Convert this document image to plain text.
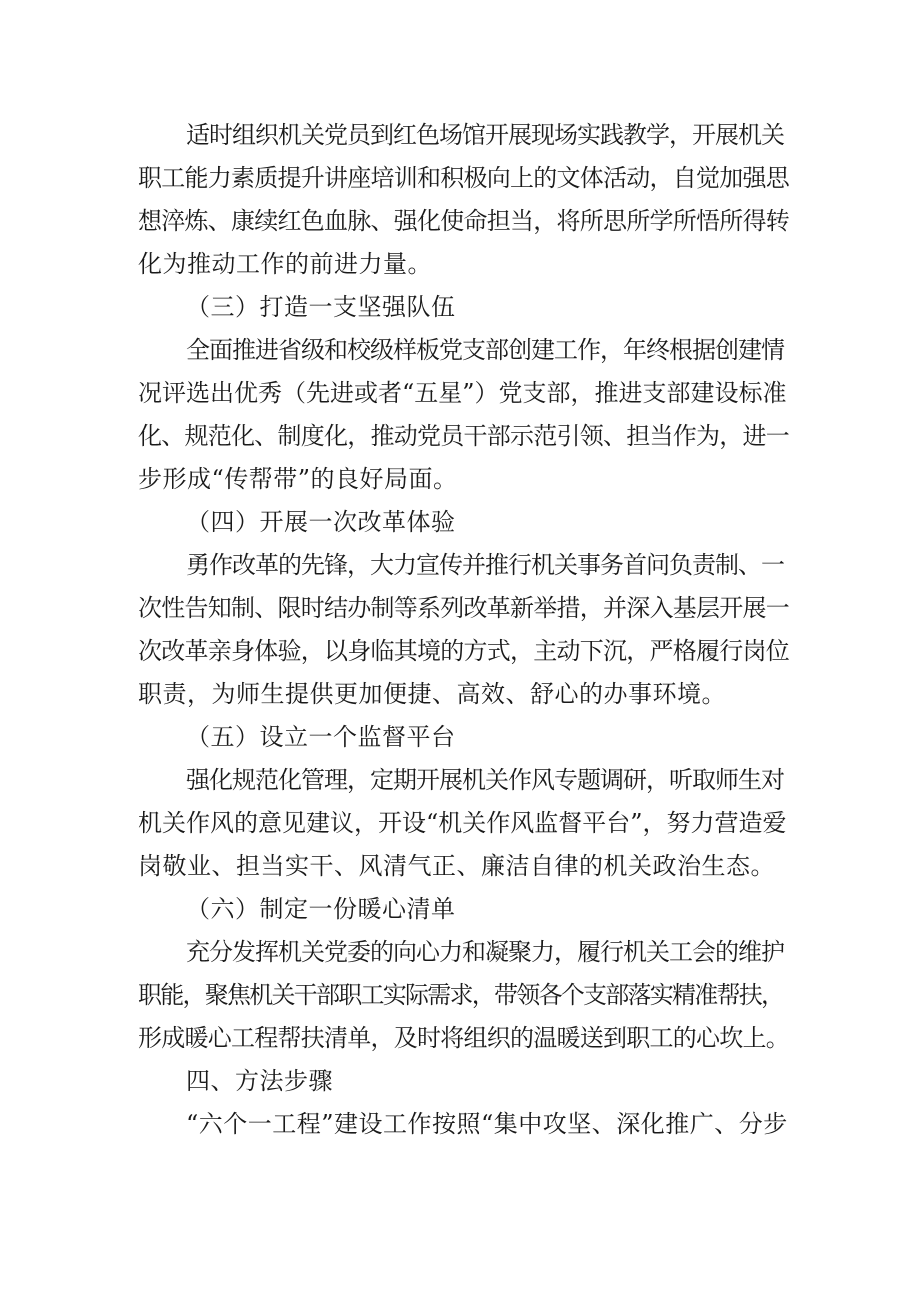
适时组织机关党员到红色场馆开展现场实践教学，开展机关
职工能力素质提升讲座培训和积极向上的文体活动，自觉加强思
想淬炼、康续红色血脉、强化使命担当，将所思所学所悟所得转
化为推动工作的前进力量。
（三）打造一支坚强队伍
全面推进省级和校级样板党支部创建工作，年终根据创建情
况评选出优秀（先进或者“五星”）党支部，推进支部建设标准
化、规范化、制度化，推动党员干部示范引领、担当作为，进一
步形成“传帮带”的良好局面。
（四）开展一次改革体验
勇作改革的先锋，大力宣传并推行机关事务首问负责制、一
次性告知制、限时结办制等系列改革新举措，并深入基层开展一
次改革亲身体验，以身临其境的方式，主动下沉，严格履行岗位
职责，为师生提供更加便捷、高效、舒心的办事环境。
（五）设立一个监督平台
强化规范化管理，定期开展机关作风专题调研，听取师生对
机关作风的意见建议，开设“机关作风监督平台”，努力营造爱
岗敬业、担当实干、风清气正、廉洁自律的机关政治生态。
（六）制定一份暖心清单
充分发挥机关党委的向心力和凝聚力，履行机关工会的维护
职能，聚焦机关干部职工实际需求，带领各个支部落实精准帮扶，
形成暖心工程帮扶清单，及时将组织的温暖送到职工的心坎上。
四、方法步骤
“六个一工程”建设工作按照“集中攻坚、深化推广、分步
